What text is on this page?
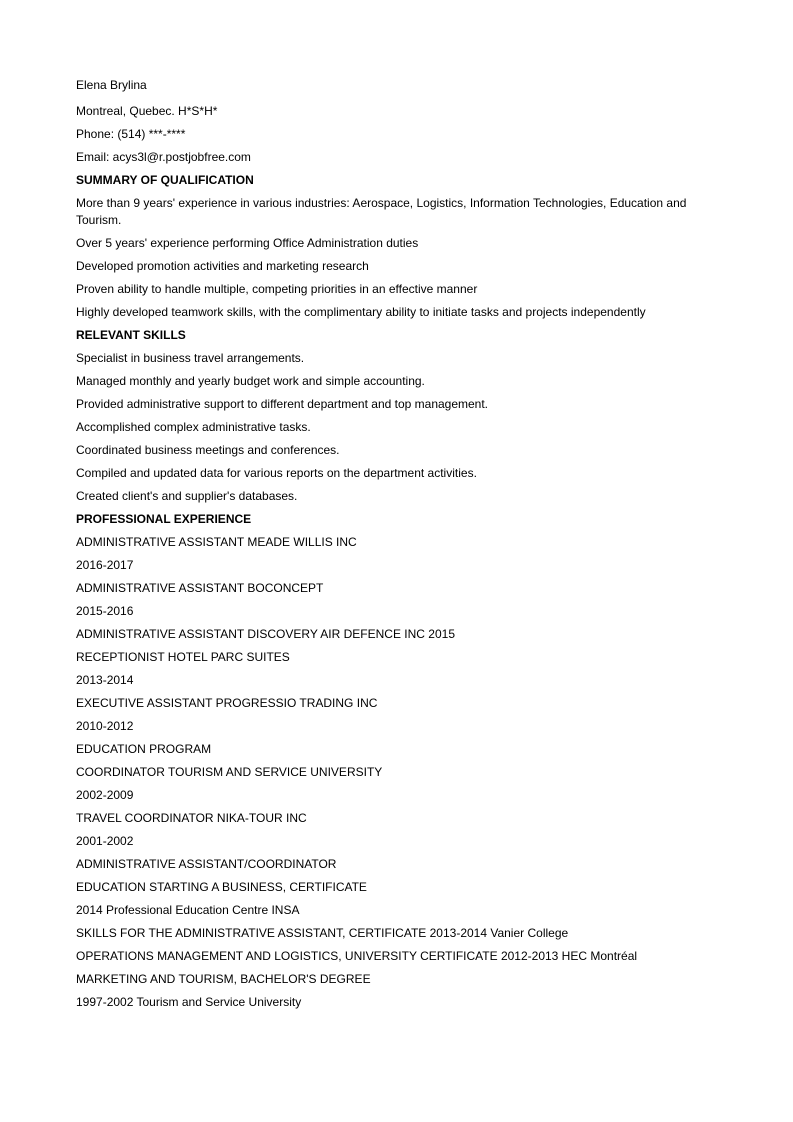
Elena Brylina
Montreal, Quebec. H*S*H*
Phone: (514) ***-****
Email: acys3l@r.postjobfree.com
SUMMARY OF QUALIFICATION
More than 9 years' experience in various industries: Aerospace, Logistics, Information Technologies, Education and Tourism.
Over 5 years' experience performing Office Administration duties
Developed promotion activities and marketing research
Proven ability to handle multiple, competing priorities in an effective manner
Highly developed teamwork skills, with the complimentary ability to initiate tasks and projects independently
RELEVANT SKILLS
Specialist in business travel arrangements.
Managed monthly and yearly budget work and simple accounting.
Provided administrative support to different department and top management.
Accomplished complex administrative tasks.
Coordinated business meetings and conferences.
Compiled and updated data for various reports on the department activities.
Created client's and supplier's databases.
PROFESSIONAL EXPERIENCE
ADMINISTRATIVE ASSISTANT MEADE WILLIS INC
2016-2017
ADMINISTRATIVE ASSISTANT BOCONCEPT
2015-2016
ADMINISTRATIVE ASSISTANT DISCOVERY AIR DEFENCE INC 2015
RECEPTIONIST HOTEL PARC SUITES
2013-2014
EXECUTIVE ASSISTANT PROGRESSIO TRADING INC
2010-2012
EDUCATION PROGRAM
COORDINATOR TOURISM AND SERVICE UNIVERSITY
2002-2009
TRAVEL COORDINATOR NIKA-TOUR INC
2001-2002
ADMINISTRATIVE ASSISTANT/COORDINATOR
EDUCATION STARTING A BUSINESS, CERTIFICATE
2014 Professional Education Centre INSA
SKILLS FOR THE ADMINISTRATIVE ASSISTANT, CERTIFICATE 2013-2014 Vanier College
OPERATIONS MANAGEMENT AND LOGISTICS, UNIVERSITY CERTIFICATE 2012-2013 HEC Montréal
MARKETING AND TOURISM, BACHELOR'S DEGREE
1997-2002 Tourism and Service University
